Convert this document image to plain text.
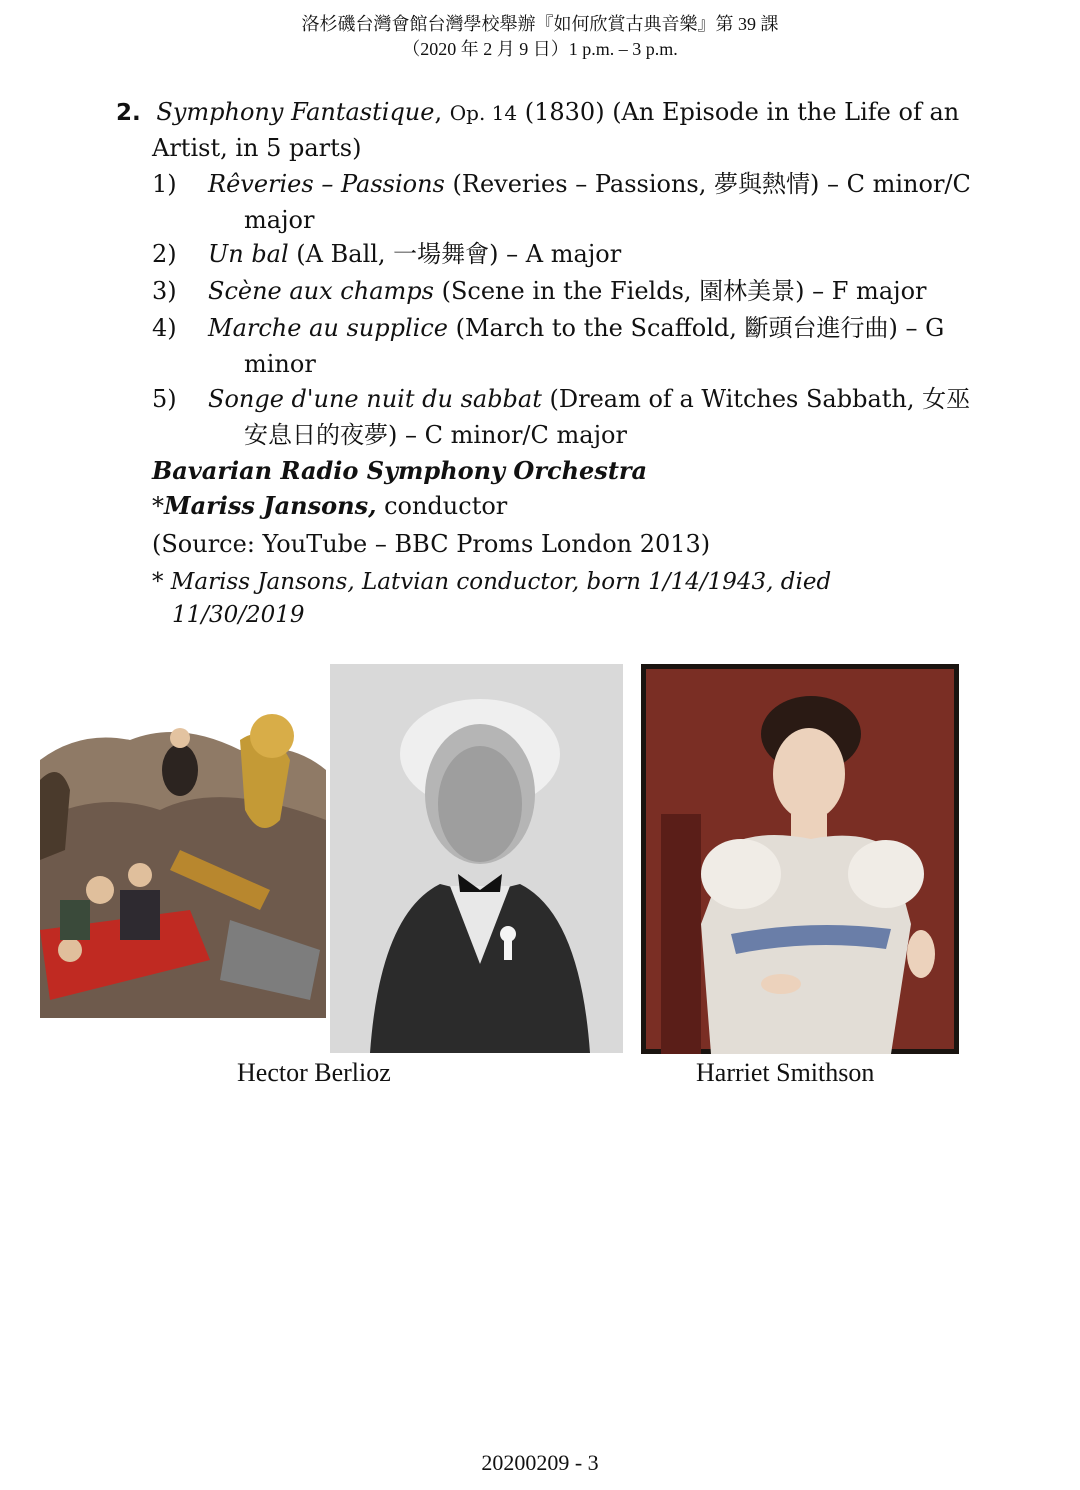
洛杉磯台灣會館台灣學校舉辦『如何欣賞古典音樂』第 39 課
（2020 年 2 月 9 日）1 p.m. – 3 p.m.
2. Symphony Fantastique, Op. 14 (1830) (An Episode in the Life of an
Artist, in 5 parts)
1) Rêveries – Passions (Reveries – Passions, 夢與熱情) – C minor/C
major
2) Un bal (A Ball, 一場舞會) – A major
3) Scène aux champs (Scene in the Fields, 園林美景) – F major
4) Marche au supplice (March to the Scaffold, 斷頭台進行曲) – G
minor
5) Songe d'une nuit du sabbat (Dream of a Witches Sabbath, 女巫
安息日的夜夢) – C minor/C major
Bavarian Radio Symphony Orchestra
*Mariss Jansons, conductor
(Source: YouTube – BBC Proms London 2013)
* Mariss Jansons, Latvian conductor, born 1/14/1943, died
11/30/2019
Hector Berlioz	Harriet Smithson
20200209 - 3
